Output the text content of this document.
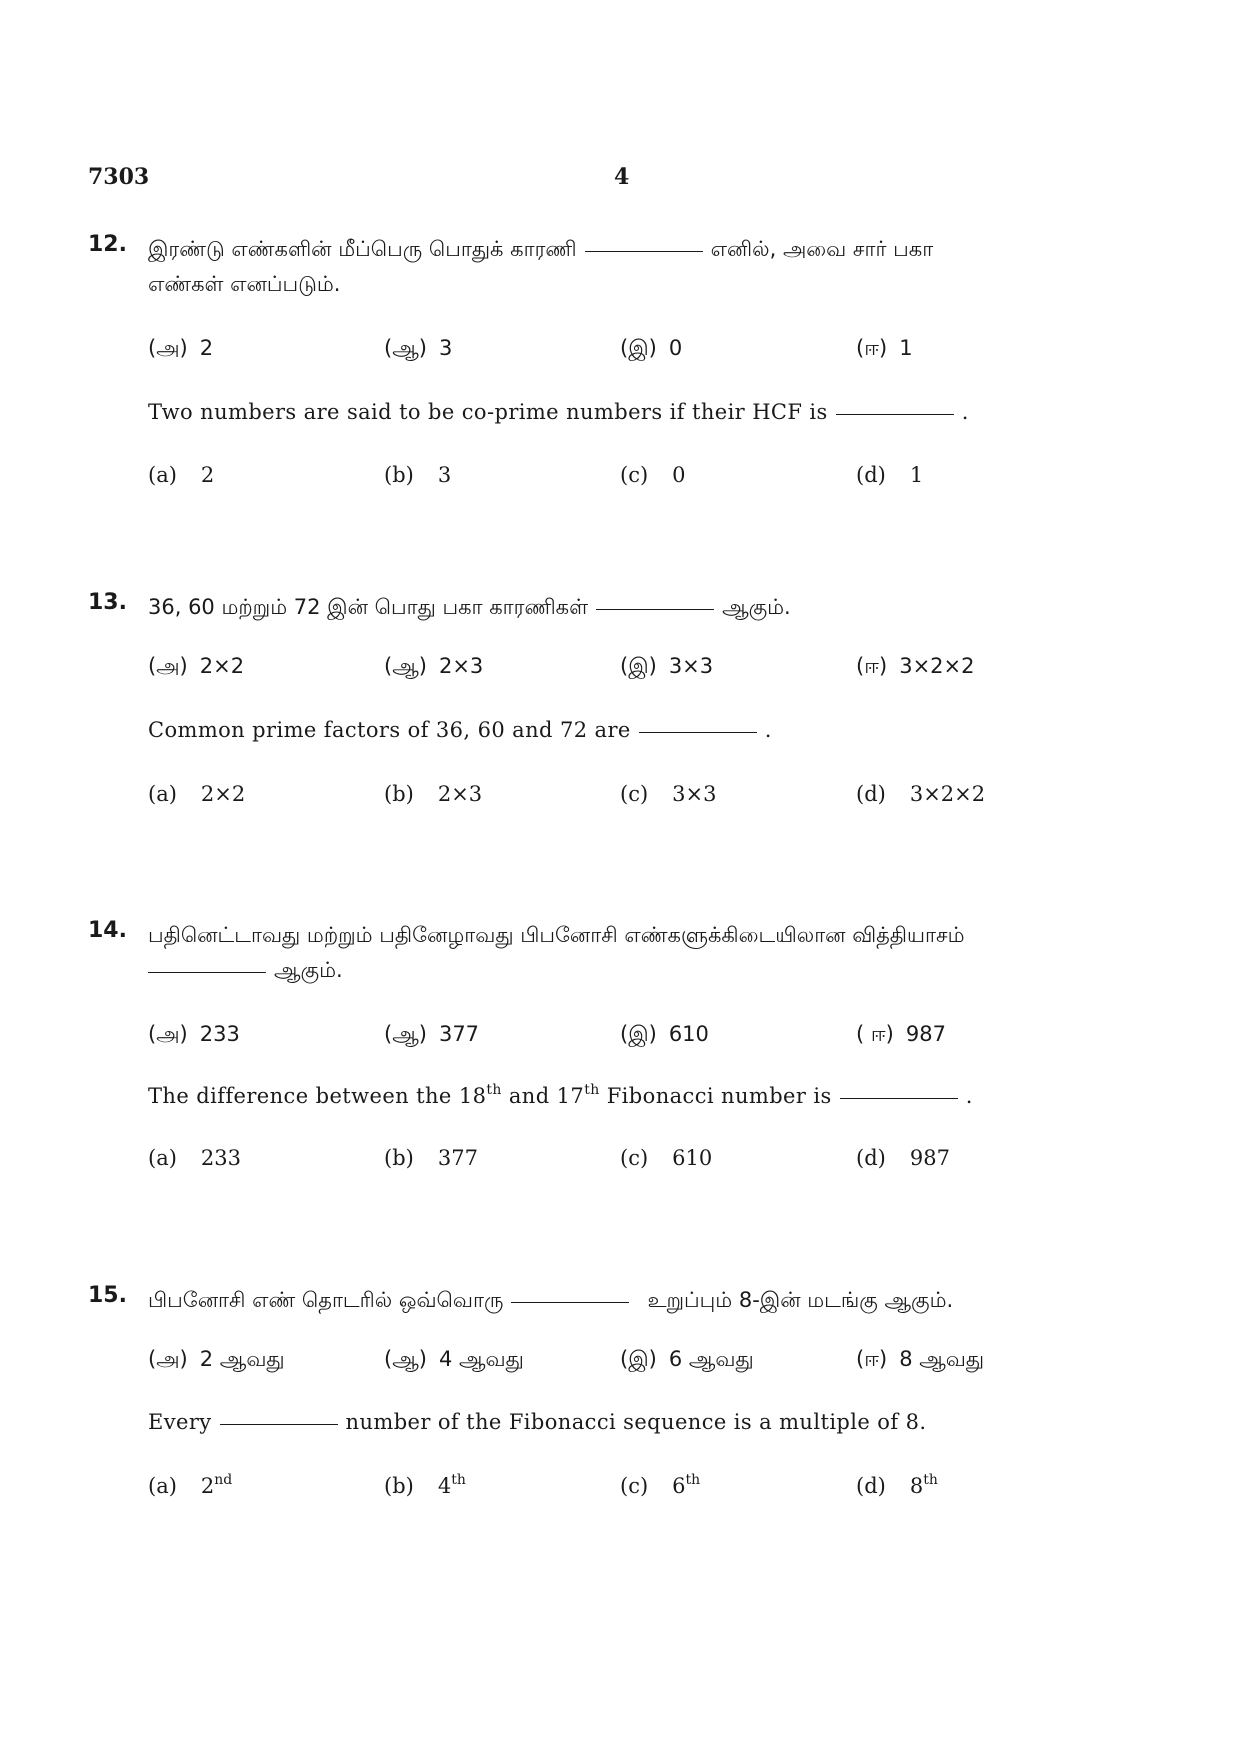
7303	4
12. இரண்டு எண்களின் மீப்பெரு பொதுக் காரணி	எனில், அவை சார் பகா
எண்கள் எனப்படும்.
(அ) 2	(ஆ) 3	(இ) 0	(ஈ) 1
Two numbers are said to be co-prime numbers if their HCF is	.
(a) 2	(b) 3	(c) 0	(d) 1
13. 36, 60 மற்றும் 72 இன் பொது பகா காரணிகள்	ஆகும்.
(அ) 2×2	(ஆ) 2×3	(இ) 3×3	(ஈ) 3×2×2
Common prime factors of 36, 60 and 72 are	.
(a) 2×2	(b) 2×3	(c) 3×3	(d) 3×2×2
14. பதினெட்டாவது மற்றும் பதினேழாவது பிபனோசி எண்களுக்கிடையிலான வித்தியாசம்
ஆகும்.
(அ) 233	(ஆ) 377	(இ) 610	( ஈ) 987
The difference between the 18th and 17th Fibonacci number is	.
(a) 233	(b) 377	(c) 610	(d) 987
15. பிபனோசி எண் தொடரில் ஒவ்வொரு	உறுப்பும் 8-இன் மடங்கு ஆகும்.
(அ) 2 ஆவது	(ஆ) 4 ஆவது	(இ) 6 ஆவது	(ஈ) 8 ஆவது
Every	number of the Fibonacci sequence is a multiple of 8.
(a) 2nd	(b) 4th	(c) 6th	(d) 8th
